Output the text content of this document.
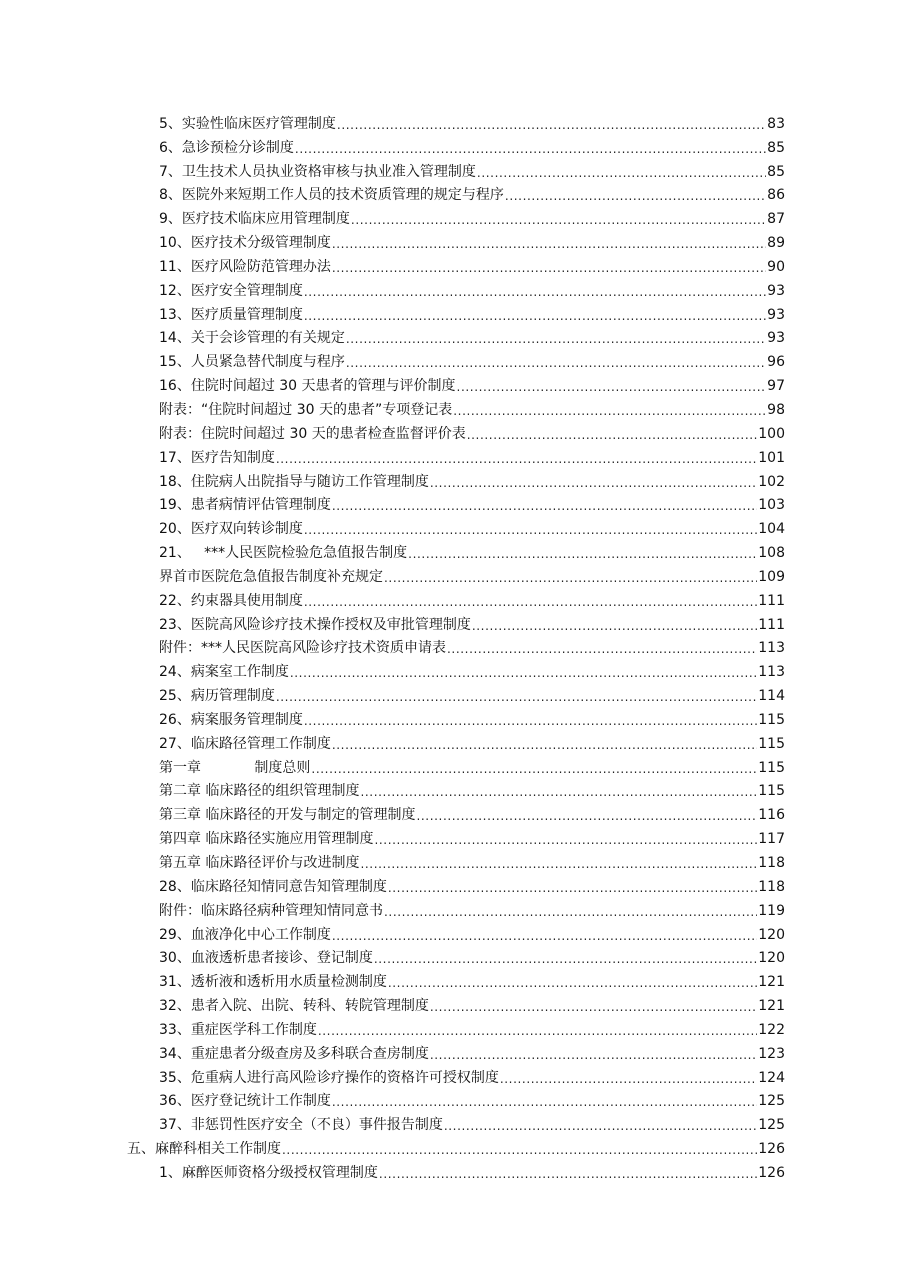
5、实验性临床医疗管理制度 .....	83
6、急诊预检分诊制度 .....	85
7、卫生技术人员执业资格审核与执业准入管理制度 .....	85
8、医院外来短期工作人员的技术资质管理的规定与程序 .....	86
9、医疗技术临床应用管理制度 .....	87
10、医疗技术分级管理制度 .....	89
11、医疗风险防范管理办法 .....	90
12、医疗安全管理制度 .....	93
13、医疗质量管理制度 .....	93
14、关于会诊管理的有关规定 .....	93
15、人员紧急替代制度与程序 .....	96
16、住院时间超过 30 天患者的管理与评价制度 .....	97
附表：“住院时间超过 30 天的患者”专项登记表 .....	98
附表：住院时间超过 30 天的患者检查监督评价表 .....	100
17、医疗告知制度 .....	101
18、住院病人出院指导与随访工作管理制度 .....	102
19、患者病情评估管理制度 .....	103
20、医疗双向转诊制度 .....	104
21、   ***人民医院检验危急值报告制度 .....	108
界首市医院危急值报告制度补充规定 .....	109
22、约束器具使用制度 .....	111
23、医院高风险诊疗技术操作授权及审批管理制度 .....	111
附件：***人民医院高风险诊疗技术资质申请表 .....	113
24、病案室工作制度 .....	113
25、病历管理制度 .....	114
26、病案服务管理制度 .....	115
27、临床路径管理工作制度 .....	115
第一章            制度总则 .....	115
第二章 临床路径的组织管理制度 .....	115
第三章 临床路径的开发与制定的管理制度 .....	116
第四章 临床路径实施应用管理制度 .....	117
第五章 临床路径评价与改进制度 .....	118
28、临床路径知情同意告知管理制度 .....	118
附件：临床路径病种管理知情同意书 .....	119
29、血液净化中心工作制度 .....	120
30、血液透析患者接诊、登记制度 .....	120
31、透析液和透析用水质量检测制度 .....	121
32、患者入院、出院、转科、转院管理制度 .....	121
33、重症医学科工作制度 .....	122
34、重症患者分级查房及多科联合查房制度 .....	123
35、危重病人进行高风险诊疗操作的资格许可授权制度 .....	124
36、医疗登记统计工作制度 .....	125
37、非惩罚性医疗安全（不良）事件报告制度 .....	125
五、麻醉科相关工作制度 .....	126
1、麻醉医师资格分级授权管理制度 .....	126
